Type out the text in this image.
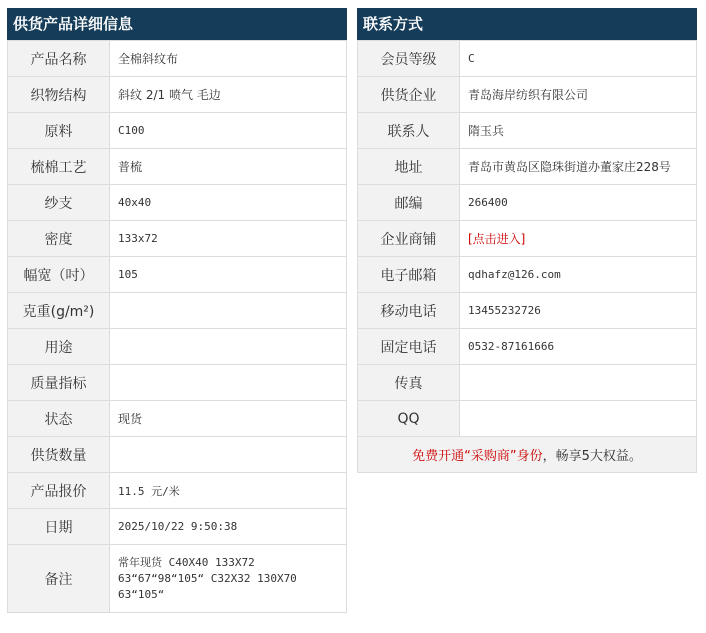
供货产品详细信息
产品名称	全棉斜纹布
织物结构	斜纹 2/1 喷气 毛边
原料	C100
梳棉工艺	普梳
纱支	40x40
密度	133x72
幅宽（吋）	105
克重(g/m²)	
用途	
质量指标	
状态	现货
供货数量	
产品报价	11.5 元/米
日期	2025/10/22 9:50:38
备注	常年现货 C40X40 133X72
63“67“98“105“ C32X32 130X70
63“105“
联系方式
会员等级	C
供货企业	青岛海岸纺织有限公司
联系人	隋玉兵
地址	青岛市黄岛区隐珠街道办董家庄228号
邮编	266400
企业商铺	[点击进入]
电子邮箱	qdhafz@126.com
移动电话	13455232726
固定电话	0532-87161666
传真	
QQ	
免费开通“采购商”身份，畅享5大权益。	
